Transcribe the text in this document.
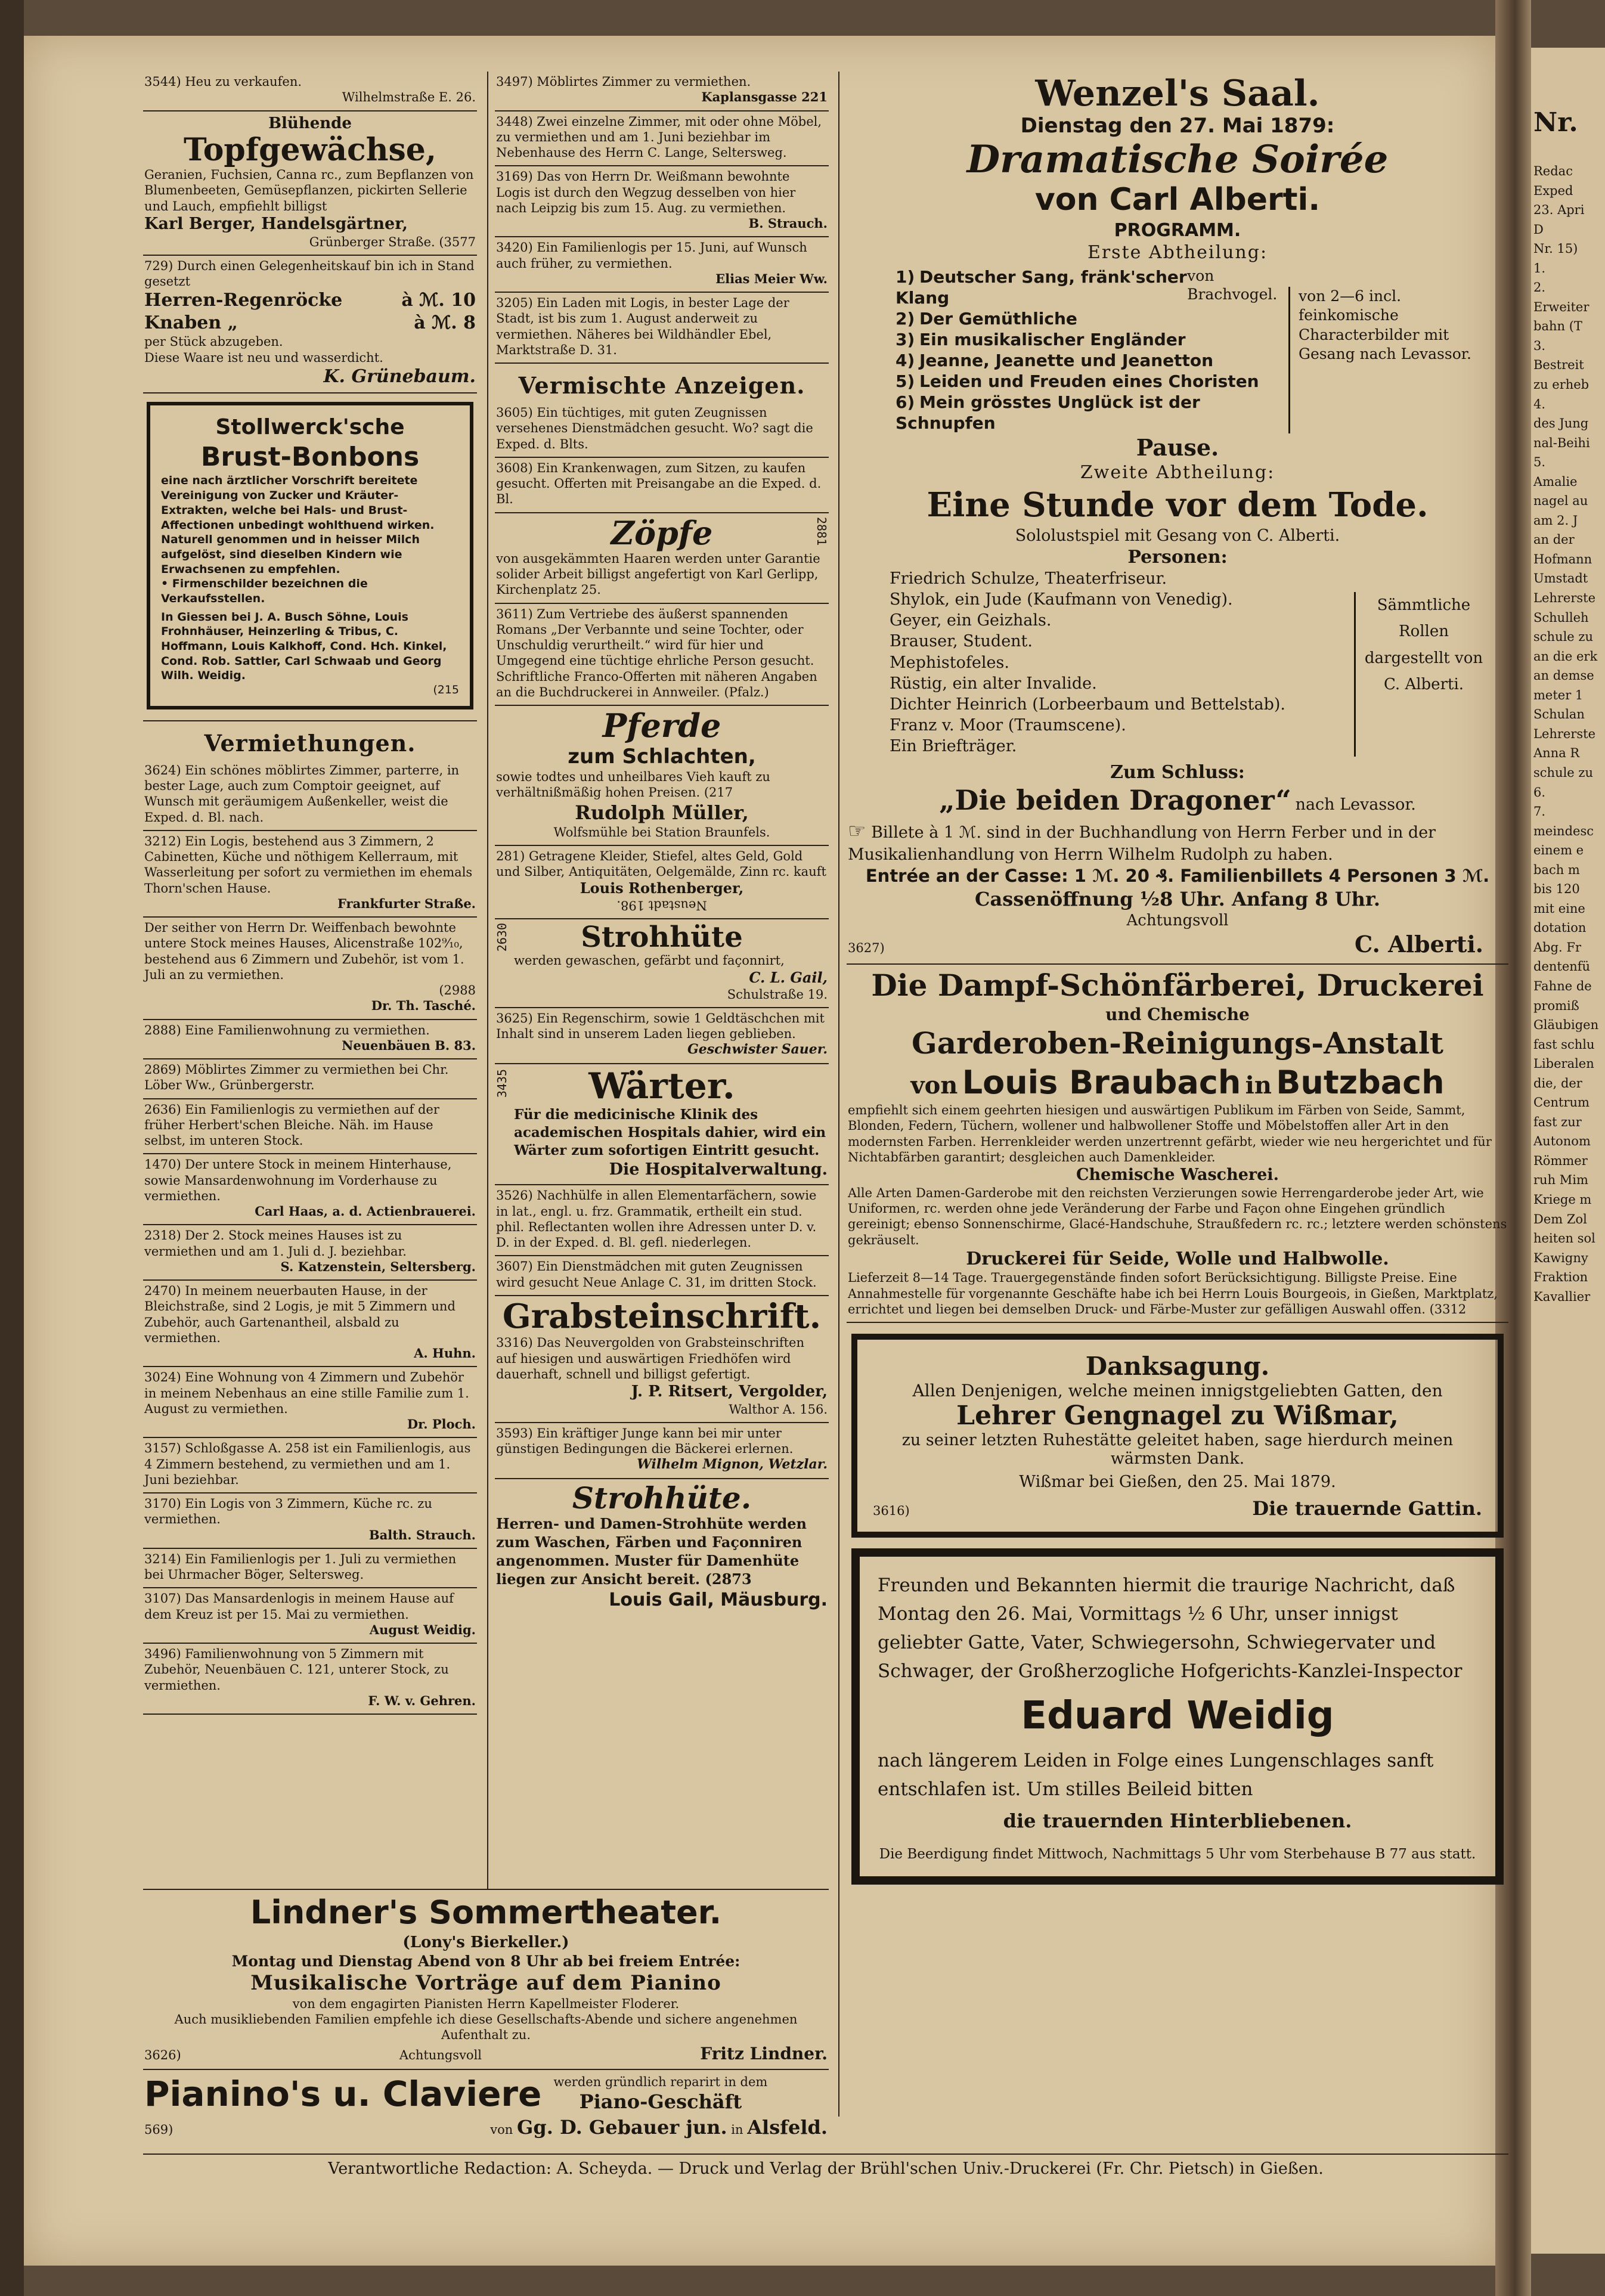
3544) Heu zu verkaufen.
Wilhelmstraße E. 26.
Blühende
Topfgewächse,
Geranien, Fuchsien, Canna rc., zum Bepflanzen von Blumenbeeten, Gemüsepflanzen, pickirten Sellerie und Lauch, empfiehlt billigst
Karl Berger, Handelsgärtner,
Grünberger Straße. (3577
729) Durch einen Gelegenheitskauf bin ich in Stand gesetzt
Herren-Regenröcke	à ℳ. 10
Knaben „	à ℳ. 8
per Stück abzugeben.
Diese Waare ist neu und wasserdicht.
K. Grünebaum.
Stollwerck'sche
Brust-Bonbons
eine nach ärztlicher Vorschrift bereitete Vereinigung von Zucker und Kräuter-Extrakten, welche bei Hals- und Brust-Affectionen unbedingt wohlthuend wirken. Naturell genommen und in heisser Milch aufgelöst, sind dieselben Kindern wie Erwachsenen zu empfehlen.
• Firmenschilder bezeichnen die Verkaufsstellen.
In Giessen bei J. A. Busch Söhne, Louis Frohnhäuser, Heinzerling & Tribus, C. Hoffmann, Louis Kalkhoff, Cond. Hch. Kinkel, Cond. Rob. Sattler, Carl Schwaab und Georg Wilh. Weidig.
(215
Vermiethungen.
3624) Ein schönes möblirtes Zimmer, parterre, in bester Lage, auch zum Comptoir geeignet, auf Wunsch mit geräumigem Außenkeller, weist die Exped. d. Bl. nach.
3212) Ein Logis, bestehend aus 3 Zimmern, 2 Cabinetten, Küche und nöthigem Kellerraum, mit Wasserleitung per sofort zu vermiethen im ehemals Thorn'schen Hause.
Frankfurter Straße.
Der seither von Herrn Dr. Weiffenbach bewohnte untere Stock meines Hauses, Alicenstraße 102⁹⁄₁₀, bestehend aus 6 Zimmern und Zubehör, ist vom 1. Juli an zu vermiethen.
(2988
Dr. Th. Tasché.
2888) Eine Familienwohnung zu vermiethen.
Neuenbäuen B. 83.
2869) Möblirtes Zimmer zu vermiethen bei Chr. Löber Ww., Grünbergerstr.
2636) Ein Familienlogis zu vermiethen auf der früher Herbert'schen Bleiche. Näh. im Hause selbst, im unteren Stock.
1470) Der untere Stock in meinem Hinterhause, sowie Mansardenwohnung im Vorderhause zu vermiethen.
Carl Haas, a. d. Actienbrauerei.
2318) Der 2. Stock meines Hauses ist zu vermiethen und am 1. Juli d. J. beziehbar.
S. Katzenstein, Seltersberg.
2470) In meinem neuerbauten Hause, in der Bleichstraße, sind 2 Logis, je mit 5 Zimmern und Zubehör, auch Gartenantheil, alsbald zu vermiethen.
A. Huhn.
3024) Eine Wohnung von 4 Zimmern und Zubehör in meinem Nebenhaus an eine stille Familie zum 1. August zu vermiethen.
Dr. Ploch.
3157) Schloßgasse A. 258 ist ein Familienlogis, aus 4 Zimmern bestehend, zu vermiethen und am 1. Juni beziehbar.
3170) Ein Logis von 3 Zimmern, Küche rc. zu vermiethen.
Balth. Strauch.
3214) Ein Familienlogis per 1. Juli zu vermiethen bei Uhrmacher Böger, Seltersweg.
3107) Das Mansardenlogis in meinem Hause auf dem Kreuz ist per 15. Mai zu vermiethen.
August Weidig.
3496) Familienwohnung von 5 Zimmern mit Zubehör, Neuenbäuen C. 121, unterer Stock, zu vermiethen.
F. W. v. Gehren.
3497) Möblirtes Zimmer zu vermiethen.
Kaplansgasse 221
3448) Zwei einzelne Zimmer, mit oder ohne Möbel, zu vermiethen und am 1. Juni beziehbar im Nebenhause des Herrn C. Lange, Seltersweg.
3169) Das von Herrn Dr. Weißmann bewohnte Logis ist durch den Wegzug desselben von hier nach Leipzig bis zum 15. Aug. zu vermiethen.
B. Strauch.
3420) Ein Familienlogis per 15. Juni, auf Wunsch auch früher, zu vermiethen.
Elias Meier Ww.
3205) Ein Laden mit Logis, in bester Lage der Stadt, ist bis zum 1. August anderweit zu vermiethen. Näheres bei Wildhändler Ebel, Marktstraße D. 31.
Vermischte Anzeigen.
3605) Ein tüchtiges, mit guten Zeugnissen versehenes Dienstmädchen gesucht. Wo? sagt die Exped. d. Blts.
3608) Ein Krankenwagen, zum Sitzen, zu kaufen gesucht. Offerten mit Preisangabe an die Exped. d. Bl.
2881
Zöpfe
von ausgekämmten Haaren werden unter Garantie solider Arbeit billigst angefertigt von Karl Gerlipp, Kirchenplatz 25.
3611) Zum Vertriebe des äußerst spannenden Romans „Der Verbannte und seine Tochter, oder Unschuldig verurtheilt.“ wird für hier und Umgegend eine tüchtige ehrliche Person gesucht. Schriftliche Franco-Offerten mit näheren Angaben an die Buchdruckerei in Annweiler. (Pfalz.)
Pferde
zum Schlachten,
sowie todtes und unheilbares Vieh kauft zu verhältnißmäßig hohen Preisen. (217
Rudolph Müller,
Wolfsmühle bei Station Braunfels.
281) Getragene Kleider, Stiefel, altes Geld, Gold und Silber, Antiquitäten, Oelgemälde, Zinn rc. kauft
Louis Rothenberger,
Neustadt 198.
2630	Strohhüte
werden gewaschen, gefärbt und façonnirt,
C. L. Gail,
Schulstraße 19.
3625) Ein Regenschirm, sowie 1 Geldtäschchen mit Inhalt sind in unserem Laden liegen geblieben.
Geschwister Sauer.
3435	Wärter.
Für die medicinische Klinik des academischen Hospitals dahier, wird ein Wärter zum sofortigen Eintritt gesucht.
Die Hospitalverwaltung.
3526) Nachhülfe in allen Elementarfächern, sowie in lat., engl. u. frz. Grammatik, ertheilt ein stud. phil. Reflectanten wollen ihre Adressen unter D. v. D. in der Exped. d. Bl. gefl. niederlegen.
3607) Ein Dienstmädchen mit guten Zeugnissen wird gesucht Neue Anlage C. 31, im dritten Stock.
Grabsteinschrift.
3316) Das Neuvergolden von Grabsteinschriften auf hiesigen und auswärtigen Friedhöfen wird dauerhaft, schnell und billigst gefertigt.
J. P. Ritsert, Vergolder,
Walthor A. 156.
3593) Ein kräftiger Junge kann bei mir unter günstigen Bedingungen die Bäckerei erlernen.
Wilhelm Mignon, Wetzlar.
Strohhüte.
Herren- und Damen-Strohhüte werden zum Waschen, Färben und Façonniren angenommen. Muster für Damenhüte liegen zur Ansicht bereit. (2873
Louis Gail, Mäusburg.
Wenzel's Saal.
Dienstag den 27. Mai 1879:
Dramatische Soirée
von Carl Alberti.
PROGRAMM.
Erste Abtheilung:
1) Deutscher Sang, fränk'scher Klang
von Brachvogel.
2) Der Gemüthliche
3) Ein musikalischer Engländer
4) Jeanne, Jeanette und Jeanetton
5) Leiden und Freuden eines Choristen
6) Mein grösstes Unglück ist der Schnupfen
von 2—6 incl. feinkomische Characterbilder mit Gesang nach Levassor.
Pause.
Zweite Abtheilung:
Eine Stunde vor dem Tode.
Sololustspiel mit Gesang von C. Alberti.
Personen:
Friedrich Schulze, Theaterfriseur.
Shylok, ein Jude (Kaufmann von Venedig).
Geyer, ein Geizhals.
Brauser, Student.
Mephistofeles.
Rüstig, ein alter Invalide.
Dichter Heinrich (Lorbeerbaum und Bettelstab).
Franz v. Moor (Traumscene).
Ein Briefträger.
Sämmtliche Rollen dargestellt von C. Alberti.
Zum Schluss:
„Die beiden Dragoner“ nach Levassor.
☞ Billete à 1 ℳ. sind in der Buchhandlung von Herrn Ferber und in der Musikalienhandlung von Herrn Wilhelm Rudolph zu haben.
Entrée an der Casse: 1 ℳ. 20 ₰. Familienbillets 4 Personen 3 ℳ.
Cassenöffnung ½8 Uhr. Anfang 8 Uhr.
Achtungsvoll
3627)	C. Alberti.
Die Dampf-Schönfärberei, Druckerei
und Chemische
Garderoben-Reinigungs-Anstalt
von Louis Braubach in Butzbach
empfiehlt sich einem geehrten hiesigen und auswärtigen Publikum im Färben von Seide, Sammt, Blonden, Federn, Tüchern, wollener und halbwollener Stoffe und Möbelstoffen aller Art in den modernsten Farben. Herrenkleider werden unzertrennt gefärbt, wieder wie neu hergerichtet und für Nichtabfärben garantirt; desgleichen auch Damenkleider.
Chemische Wascherei.
Alle Arten Damen-Garderobe mit den reichsten Verzierungen sowie Herrengarderobe jeder Art, wie Uniformen, rc. werden ohne jede Veränderung der Farbe und Façon ohne Eingehen gründlich gereinigt; ebenso Sonnenschirme, Glacé-Handschuhe, Straußfedern rc. rc.; letztere werden schönstens gekräuselt.
Druckerei für Seide, Wolle und Halbwolle.
Lieferzeit 8—14 Tage. Trauergegenstände finden sofort Berücksichtigung. Billigste Preise. Eine Annahmestelle für vorgenannte Geschäfte habe ich bei Herrn Louis Bourgeois, in Gießen, Marktplatz, errichtet und liegen bei demselben Druck- und Färbe-Muster zur gefälligen Auswahl offen. (3312
Danksagung.
Allen Denjenigen, welche meinen innigstgeliebten Gatten, den
Lehrer Gengnagel zu Wißmar,
zu seiner letzten Ruhestätte geleitet haben, sage hierdurch meinen wärmsten Dank.
Wißmar bei Gießen, den 25. Mai 1879.
3616)	Die trauernde Gattin.
Freunden und Bekannten hiermit die traurige Nachricht, daß Montag den 26. Mai, Vormittags ½ 6 Uhr, unser innigst geliebter Gatte, Vater, Schwiegersohn, Schwiegervater und Schwager, der Großherzogliche Hofgerichts-Kanzlei-Inspector
Eduard Weidig
nach längerem Leiden in Folge eines Lungenschlages sanft entschlafen ist. Um stilles Beileid bitten
die trauernden Hinterbliebenen.
Die Beerdigung findet Mittwoch, Nachmittags 5 Uhr vom Sterbehause B 77 aus statt.
Lindner's Sommertheater.
(Lony's Bierkeller.)
Montag und Dienstag Abend von 8 Uhr ab bei freiem Entrée:
Musikalische Vorträge auf dem Pianino
von dem engagirten Pianisten Herrn Kapellmeister Floderer.
Auch musikliebenden Familien empfehle ich diese Gesellschafts-Abende und sichere angenehmen Aufenthalt zu.
3626)	Achtungsvoll	Fritz Lindner.
Pianino's u. Claviere werden gründlich reparirt in dem
Piano-Geschäft
569)	von Gg. D. Gebauer jun. in Alsfeld.
Verantwortliche Redaction: A. Scheyda. — Druck und Verlag der Brühl'schen Univ.-Druckerei (Fr. Chr. Pietsch) in Gießen.
Nr.
Redac
Exped
23. Apri
D
Nr. 15)
1.
2.
Erweiter
bahn (T
3.
Bestreit
zu erheb
4.
des Jung
nal-Beihi
5.
Amalie
nagel au
am 2. J
an der
Hofmann
Umstadt
Lehrerste
Schulleh
schule zu
an die erk
an demse
meter 1
Schulan
Lehrerste
Anna R
schule zu
6.
7.
meindesc
einem e
bach m
bis 120
mit eine
dotation
Abg. Fr
dentenfü
Fahne de
promiß
Gläubigen
fast schlu
Liberalen
die, der
Centrum
fast zur
Autonom
Römmer
ruh Mim
Kriege m
Dem Zol
heiten sol
Kawigny
Fraktion
Kavallier
